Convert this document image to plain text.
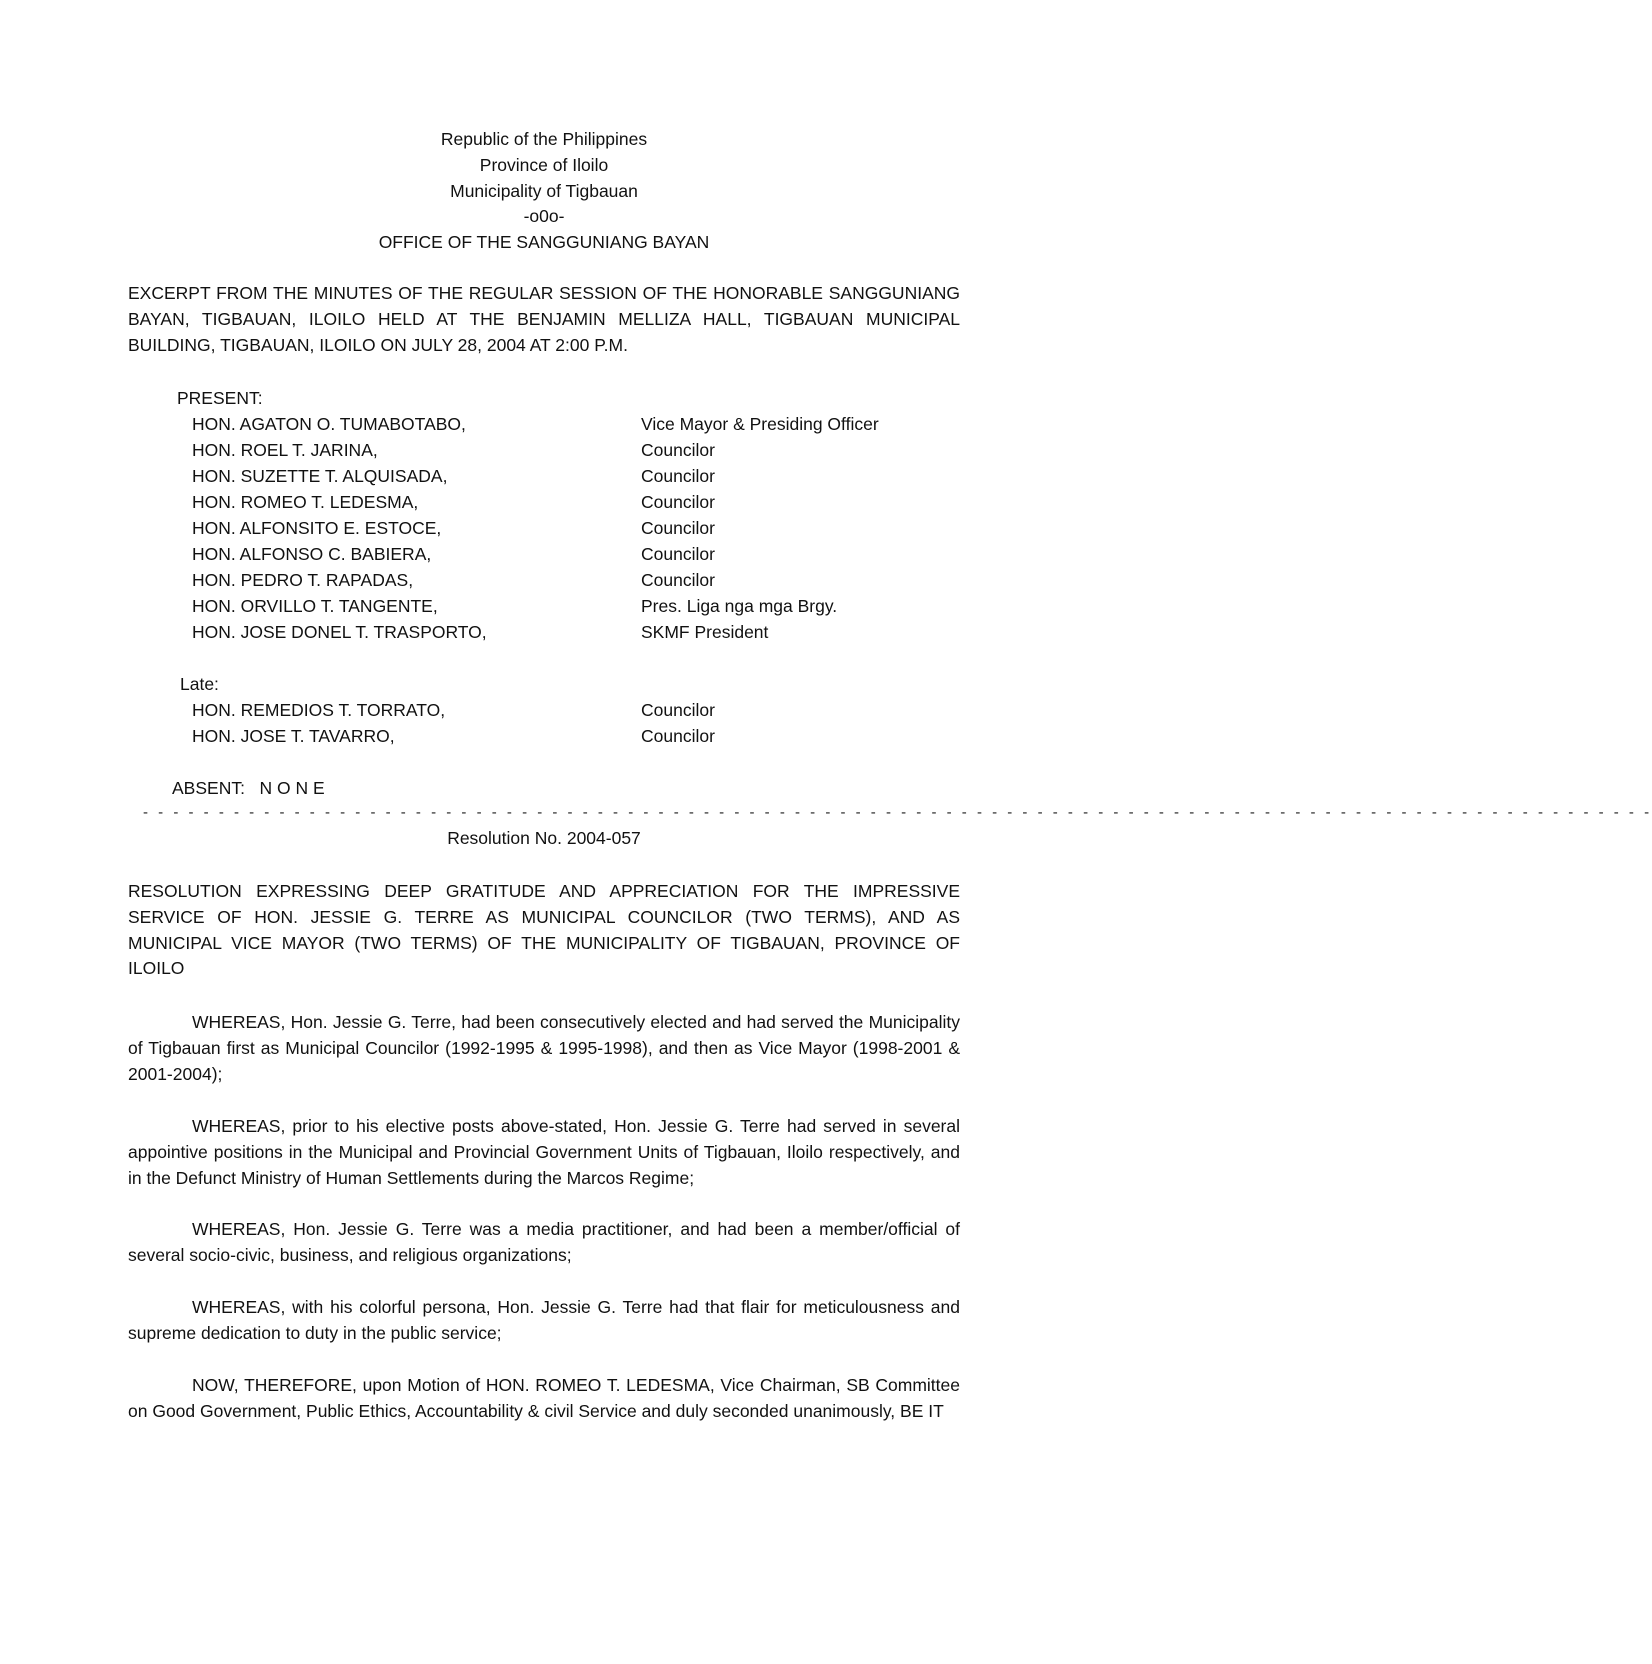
Republic of the Philippines
Province of Iloilo
Municipality of Tigbauan
-o0o-
OFFICE OF THE SANGGUNIANG BAYAN
EXCERPT FROM THE MINUTES OF THE REGULAR SESSION OF THE HONORABLE SANGGUNIANG BAYAN, TIGBAUAN, ILOILO HELD AT THE BENJAMIN MELLIZA HALL, TIGBAUAN MUNICIPAL BUILDING, TIGBAUAN, ILOILO ON JULY 28, 2004 AT 2:00 P.M.
PRESENT:
HON. AGATON O. TUMABOTABO,	Vice Mayor & Presiding Officer
HON. ROEL T. JARINA,	Councilor
HON. SUZETTE T. ALQUISADA,	Councilor
HON. ROMEO T. LEDESMA,	Councilor
HON. ALFONSITO E. ESTOCE,	Councilor
HON. ALFONSO C. BABIERA,	Councilor
HON. PEDRO T. RAPADAS,	Councilor
HON. ORVILLO T. TANGENTE,	Pres. Liga nga mga Brgy.
HON. JOSE DONEL T. TRASPORTO,	SKMF President
Late:
HON. REMEDIOS T. TORRATO,	Councilor
HON. JOSE T. TAVARRO,	Councilor
ABSENT:   N O N E
- - - - - - - - - - - - - - - - - - - - - - - - - - - - - - - - - - - - - - - - - - - - - - - - - - - - - - - - - - - - - - - - - - - - - - - - - - - - - - - - - - - - - - - - - - - - - - - - - - - -
Resolution No. 2004-057
RESOLUTION EXPRESSING DEEP GRATITUDE AND APPRECIATION FOR THE IMPRESSIVE SERVICE OF HON. JESSIE G. TERRE AS MUNICIPAL COUNCILOR (TWO TERMS), AND AS MUNICIPAL VICE MAYOR (TWO TERMS) OF THE MUNICIPALITY OF TIGBAUAN, PROVINCE OF ILOILO
WHEREAS, Hon. Jessie G. Terre, had been consecutively elected and had served the Municipality of Tigbauan first as Municipal Councilor (1992-1995 & 1995-1998), and then as Vice Mayor (1998-2001 & 2001-2004);
WHEREAS, prior to his elective posts above-stated, Hon. Jessie G. Terre had served in several appointive positions in the Municipal and Provincial Government Units of Tigbauan, Iloilo respectively, and in the Defunct Ministry of Human Settlements during the Marcos Regime;
WHEREAS, Hon. Jessie G. Terre was a media practitioner, and had been a member/official of several socio-civic, business, and religious organizations;
WHEREAS, with his colorful persona, Hon. Jessie G. Terre had that flair for meticulousness and supreme dedication to duty in the public service;
NOW, THEREFORE, upon Motion of HON. ROMEO T. LEDESMA, Vice Chairman, SB Committee on Good Government, Public Ethics, Accountability & civil Service and duly seconded unanimously, BE IT
